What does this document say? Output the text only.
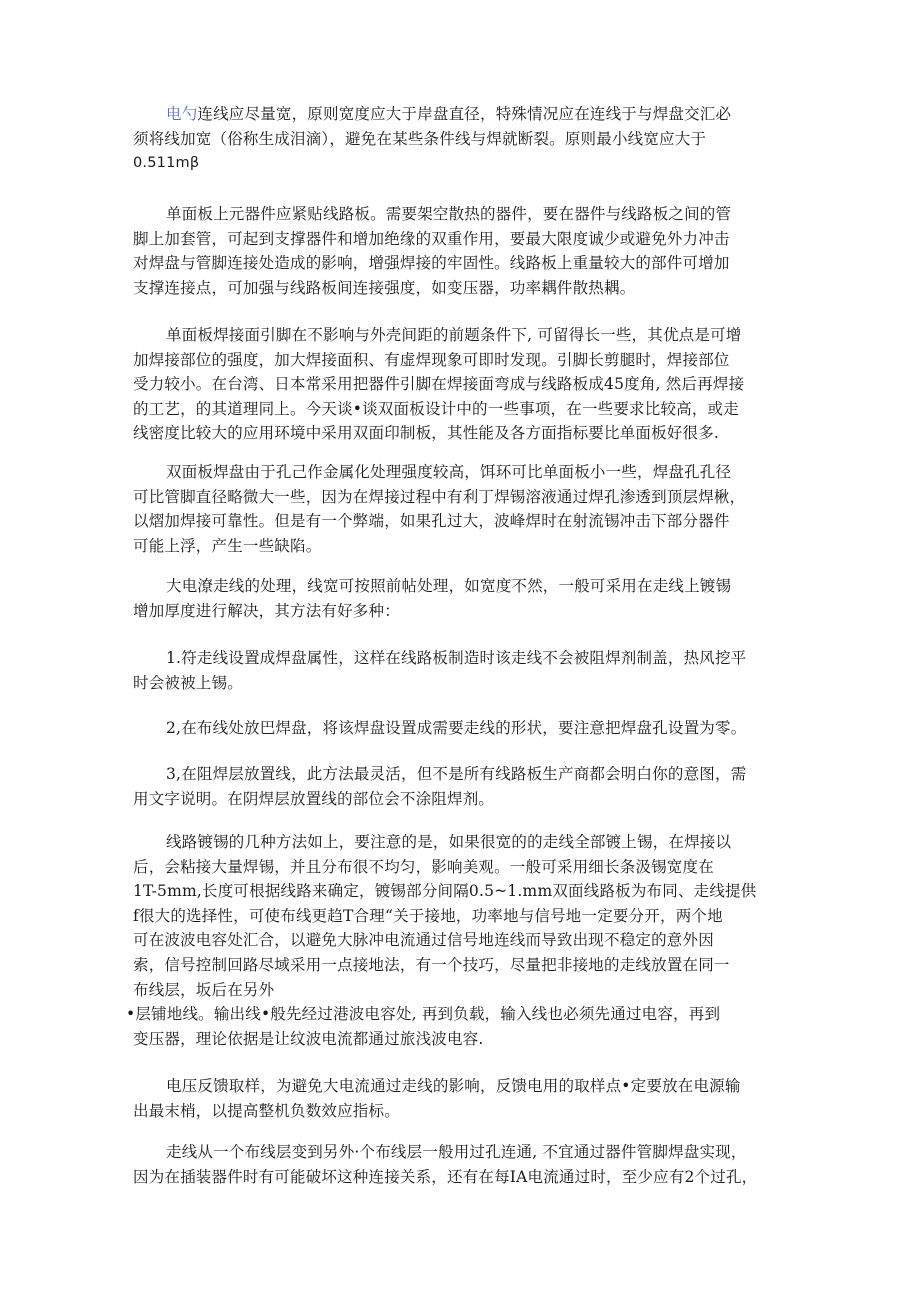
电勺连线应尽量宽，原则宽度应大于岸盘直径，特殊情况应在连线于与焊盘交汇必
须将线加宽（俗称生成泪滴），避免在某些条件线与焊就断裂。原则最小线宽应大于
0.511mβ

单面板上元器件应紧贴线路板。需要架空散热的器件，要在器件与线路板之间的管
脚上加套管，可起到支撑器件和增加绝缘的双重作用，要最大限度诚少或避免外力冲击
对焊盘与管脚连接处造成的影响，增强焊接的牢固性。线路板上重量较大的部件可增加
支撑连接点，可加强与线路板间连接强度，如变压器，功率耦件散热耦。

单面板焊接面引脚在不影响与外壳间距的前题条件下, 可留得长一些，其优点是可增
加焊接部位的强度，加大焊接面积、有虚焊现象可即时发现。引脚长剪腿时，焊接部位
受力较小。在台湾、日本常采用把器件引脚在焊接面弯成与线路板成45度角, 然后再焊接
的工艺，的其道理同上。今天谈•谈双面板设计中的一些事项，在一些要求比较高，或走
线密度比较大的应用环境中采用双面印制板，其性能及各方面指标要比单面板好很多.

双面板焊盘由于孔己作金属化处理强度较高，饵环可比单面板小一些，焊盘孔孔径
可比管脚直径略微大一些，因为在焊接过程中有利丁焊锡溶液通过焊孔渗透到顶层焊楸，
以熠加焊接可靠性。但是有一个弊端，如果孔过大，波峰焊时在射流锡冲击下部分器件
可能上浮，产生一些缺陷。

大电潦走线的处理，线宽可按照前帖处理，如宽度不然，一般可采用在走线上镀锡
增加厚度进行解决，其方法有好多种：

1.符走线设置成焊盘属性，这样在线路板制造时该走线不会被阻焊剂制盖，热风挖平
时会被被上锡。

2,在布线处放巴焊盘，将该焊盘设置成需要走线的形状，要注意把焊盘孔设置为零。

3,在阻焊层放置线，此方法最灵活，但不是所有线路板生产商都会明白你的意图，需
用文字说明。在阴焊层放置线的部位会不涂阻焊剂。

线路镀锡的几种方法如上，要注意的是，如果很宽的的走线全部镀上锡，在焊接以
后，会粘接大量焊锡，并且分布很不均匀，影响美观。一般可采用细长条汲锡宽度在
1T-5mm,长度可根据线路来确定，镀锡部分间隔0.5~1.mm双面线路板为布同、走线提供
f很大的选择性，可使布线更趋T合理“关于接地，功率地与信号地一定要分开，两个地
可在波波电容处汇合，以避免大脉冲电流通过信号地连线而导致出现不稳定的意外因
索，信号控制回路尽域采用一点接地法，有一个技巧，尽量把非接地的走线放置在同一
布线层，坂后在另外

•层铺地线。输出线•般先经过港波电容处, 再到负载，输入线也必须先通过电容，再到
变压器，理论依据是让纹波电流都通过旅浅波电容.

电压反馈取样，为避免大电流通过走线的影响，反馈电用的取样点•定要放在电源输
出最末梢，以提高整机负数效应指标。

走线从一个布线层变到另外·个布线层一般用过孔连通, 不宜通过器件管脚焊盘实现，
因为在插装器件时有可能破坏这种连接关系，还有在每IA电流通过时，至少应有2个过孔，
